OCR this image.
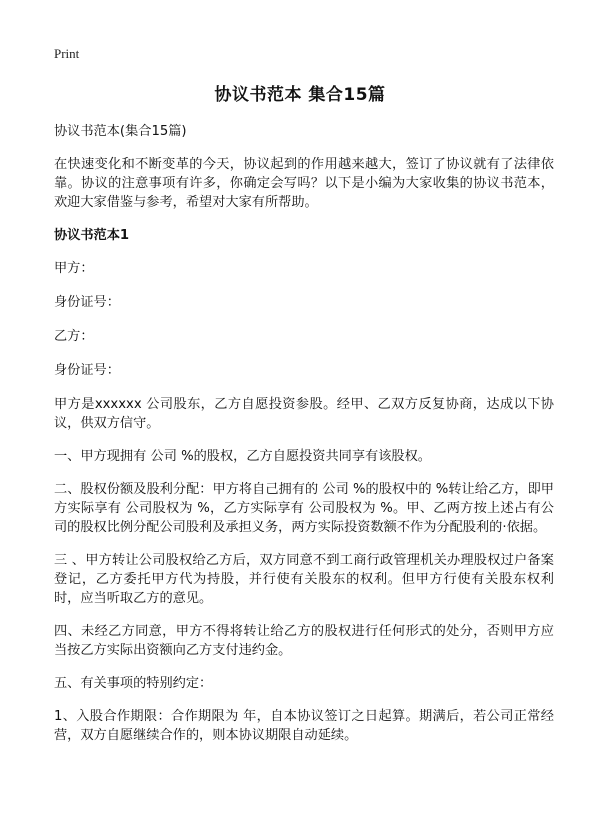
Print
协议书范本 集合15篇

协议书范本(集合15篇)

在快速变化和不断变革的今天，协议起到的作用越来越大，签订了协议就有了法律依靠。协议的注意事项有许多，你确定会写吗？以下是小编为大家收集的协议书范本，欢迎大家借鉴与参考，希望对大家有所帮助。

协议书范本1

甲方：

身份证号：

乙方：

身份证号：

甲方是xxxxxx 公司股东，乙方自愿投资参股。经甲、乙双方反复协商，达成以下协议，供双方信守。

一、甲方现拥有 公司 %的股权，乙方自愿投资共同享有该股权。

二、股权份额及股利分配：甲方将自己拥有的 公司 %的股权中的 %转让给乙方，即甲方实际享有 公司股权为 %，乙方实际享有 公司股权为 %。甲、乙两方按上述占有公司的股权比例分配公司股利及承担义务，两方实际投资数额不作为分配股利的·依据。

三 、甲方转让公司股权给乙方后，双方同意不到工商行政管理机关办理股权过户备案登记，乙方委托甲方代为持股，并行使有关股东的权利。但甲方行使有关股东权利时，应当听取乙方的意见。

四、未经乙方同意，甲方不得将转让给乙方的股权进行任何形式的处分，否则甲方应当按乙方实际出资额向乙方支付违约金。

五、有关事项的特别约定：

1、入股合作期限：合作期限为 年，自本协议签订之日起算。期满后，若公司正常经营，双方自愿继续合作的，则本协议期限自动延续。
